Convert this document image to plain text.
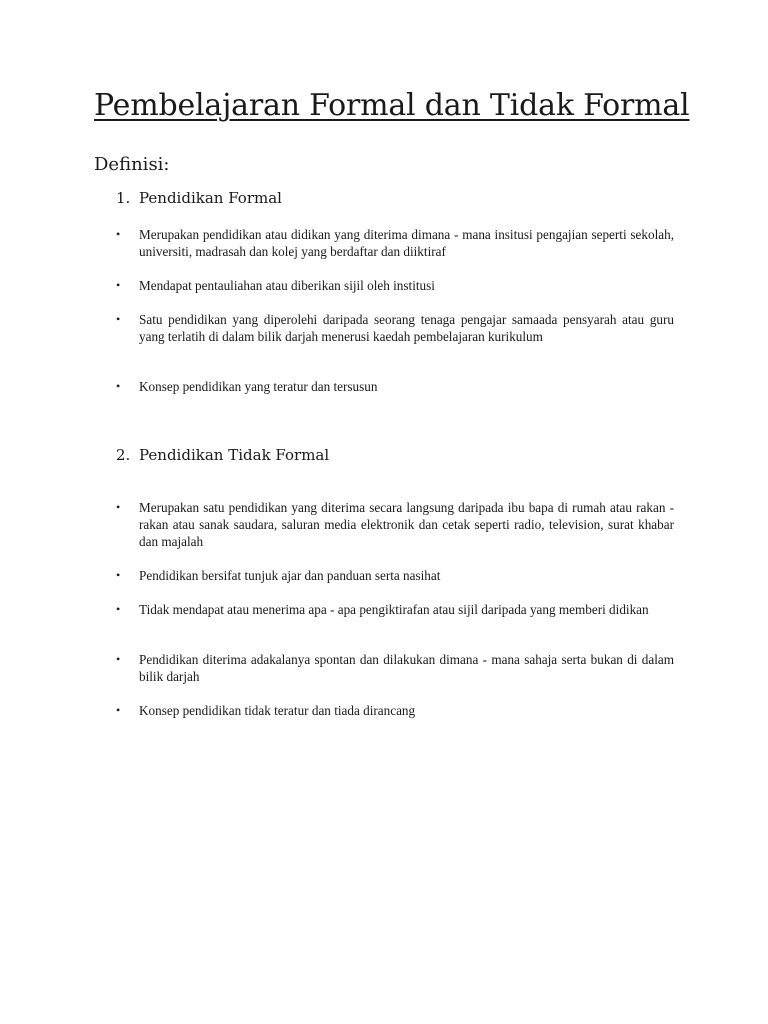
Pembelajaran Formal dan Tidak Formal
Definisi:
1. Pendidikan Formal
•	Merupakan pendidikan atau didikan yang diterima dimana - mana insitusi pengajian seperti sekolah, universiti, madrasah dan kolej yang berdaftar dan diiktiraf
•	Mendapat pentauliahan atau diberikan sijil oleh institusi
•	Satu pendidikan yang diperolehi daripada seorang tenaga pengajar samaada pensyarah atau guru yang terlatih di dalam bilik darjah menerusi kaedah pembelajaran kurikulum
•	Konsep pendidikan yang teratur dan tersusun
2. Pendidikan Tidak Formal
•	Merupakan satu pendidikan yang diterima secara langsung daripada ibu bapa di rumah atau rakan - rakan atau sanak saudara, saluran media elektronik dan cetak seperti radio, television, surat khabar dan majalah
•	Pendidikan bersifat tunjuk ajar dan panduan serta nasihat
•	Tidak mendapat atau menerima apa - apa pengiktirafan atau sijil daripada yang memberi didikan
•	Pendidikan diterima adakalanya spontan dan dilakukan dimana - mana sahaja serta bukan di dalam bilik darjah
•	Konsep pendidikan tidak teratur dan tiada dirancang
